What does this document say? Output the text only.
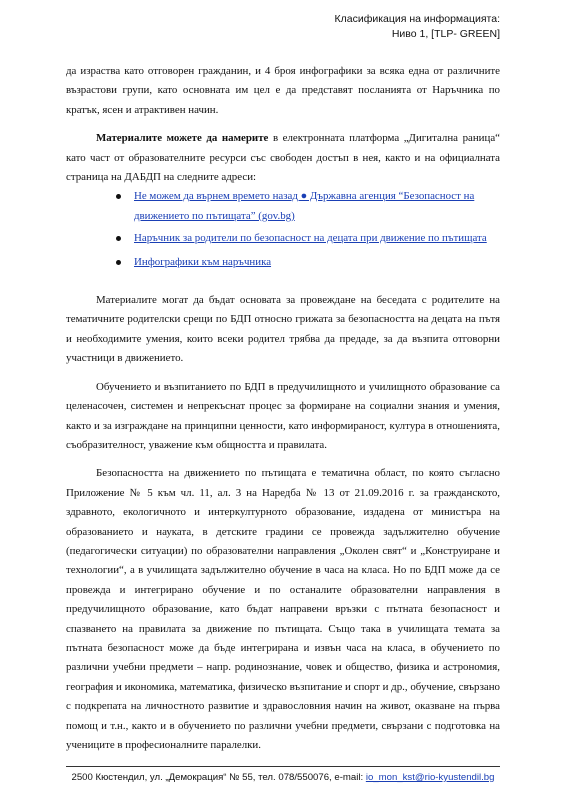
Класификация на информацията:
Ниво 1, [TLP- GREEN]

да израства като отговорен гражданин, и 4 броя инфографики за всяка една от различните възрастови групи, като основната им цел е да представят посланията от Наръчника по кратък, ясен и атрактивен начин.

Материалите можете да намерите в електронната платформа „Дигитална раница“ като част от образователните ресурси със свободен достъп в нея, както и на официалната страница на ДАБДП на следните адреси:

Не можем да върнем времето назад ● Държавна агенция “Безопасност на движението по пътищата” (gov.bg)
Наръчник за родители по безопасност на децата при движение по пътищата
Инфографики към наръчника

Материалите могат да бъдат основата за провеждане на беседата с родителите на тематичните родителски срещи по БДП относно грижата за безопасността на децата на пътя и необходимите умения, които всеки родител трябва да предаде, за да възпита отговорни участници в движението.

Обучението и възпитанието по БДП в предучилищното и училищното образование са целенасочен, системен и непрекъснат процес за формиране на социални знания и умения, както и за изграждане на принципни ценности, като информираност, култура в отношенията, съобразителност, уважение към общността и правилата.

Безопасността на движението по пътищата е тематична област, по която съгласно Приложение № 5 към чл. 11, ал. 3 на Наредба № 13 от 21.09.2016 г. за гражданското, здравното, екологичното и интеркултурното образование, издадена от министъра на образованието и науката, в детските градини се провежда задължително обучение (педагогически ситуации) по образователни направления „Околен свят“ и „Конструиране и технологии“, а в училищата задължително обучение в часа на класа. Но по БДП може да се провежда и интегрирано обучение и по останалите образователни направления в предучилищното образование, като бъдат направени връзки с пътната безопасност и спазването на правилата за движение по пътищата. Също така в училищата темата за пътната безопасност може да бъде интегрирана и извън часа на класа, в обучението по различни учебни предмети – напр. родинознание, човек и общество, физика и астрономия, география и икономика, математика, физическо възпитание и спорт и др., обучение, свързано с подкрепата на личностното развитие и здравословния начин на живот, оказване на първа помощ и т.н., както и в обучението по различни учебни предмети, свързани с подготовка на учениците в професионалните паралелки.

2500 Кюстендил, ул. „Демокрация“ № 55, тел. 078/550076, e-mail: io_mon_kst@rio-kyustendil.bg
